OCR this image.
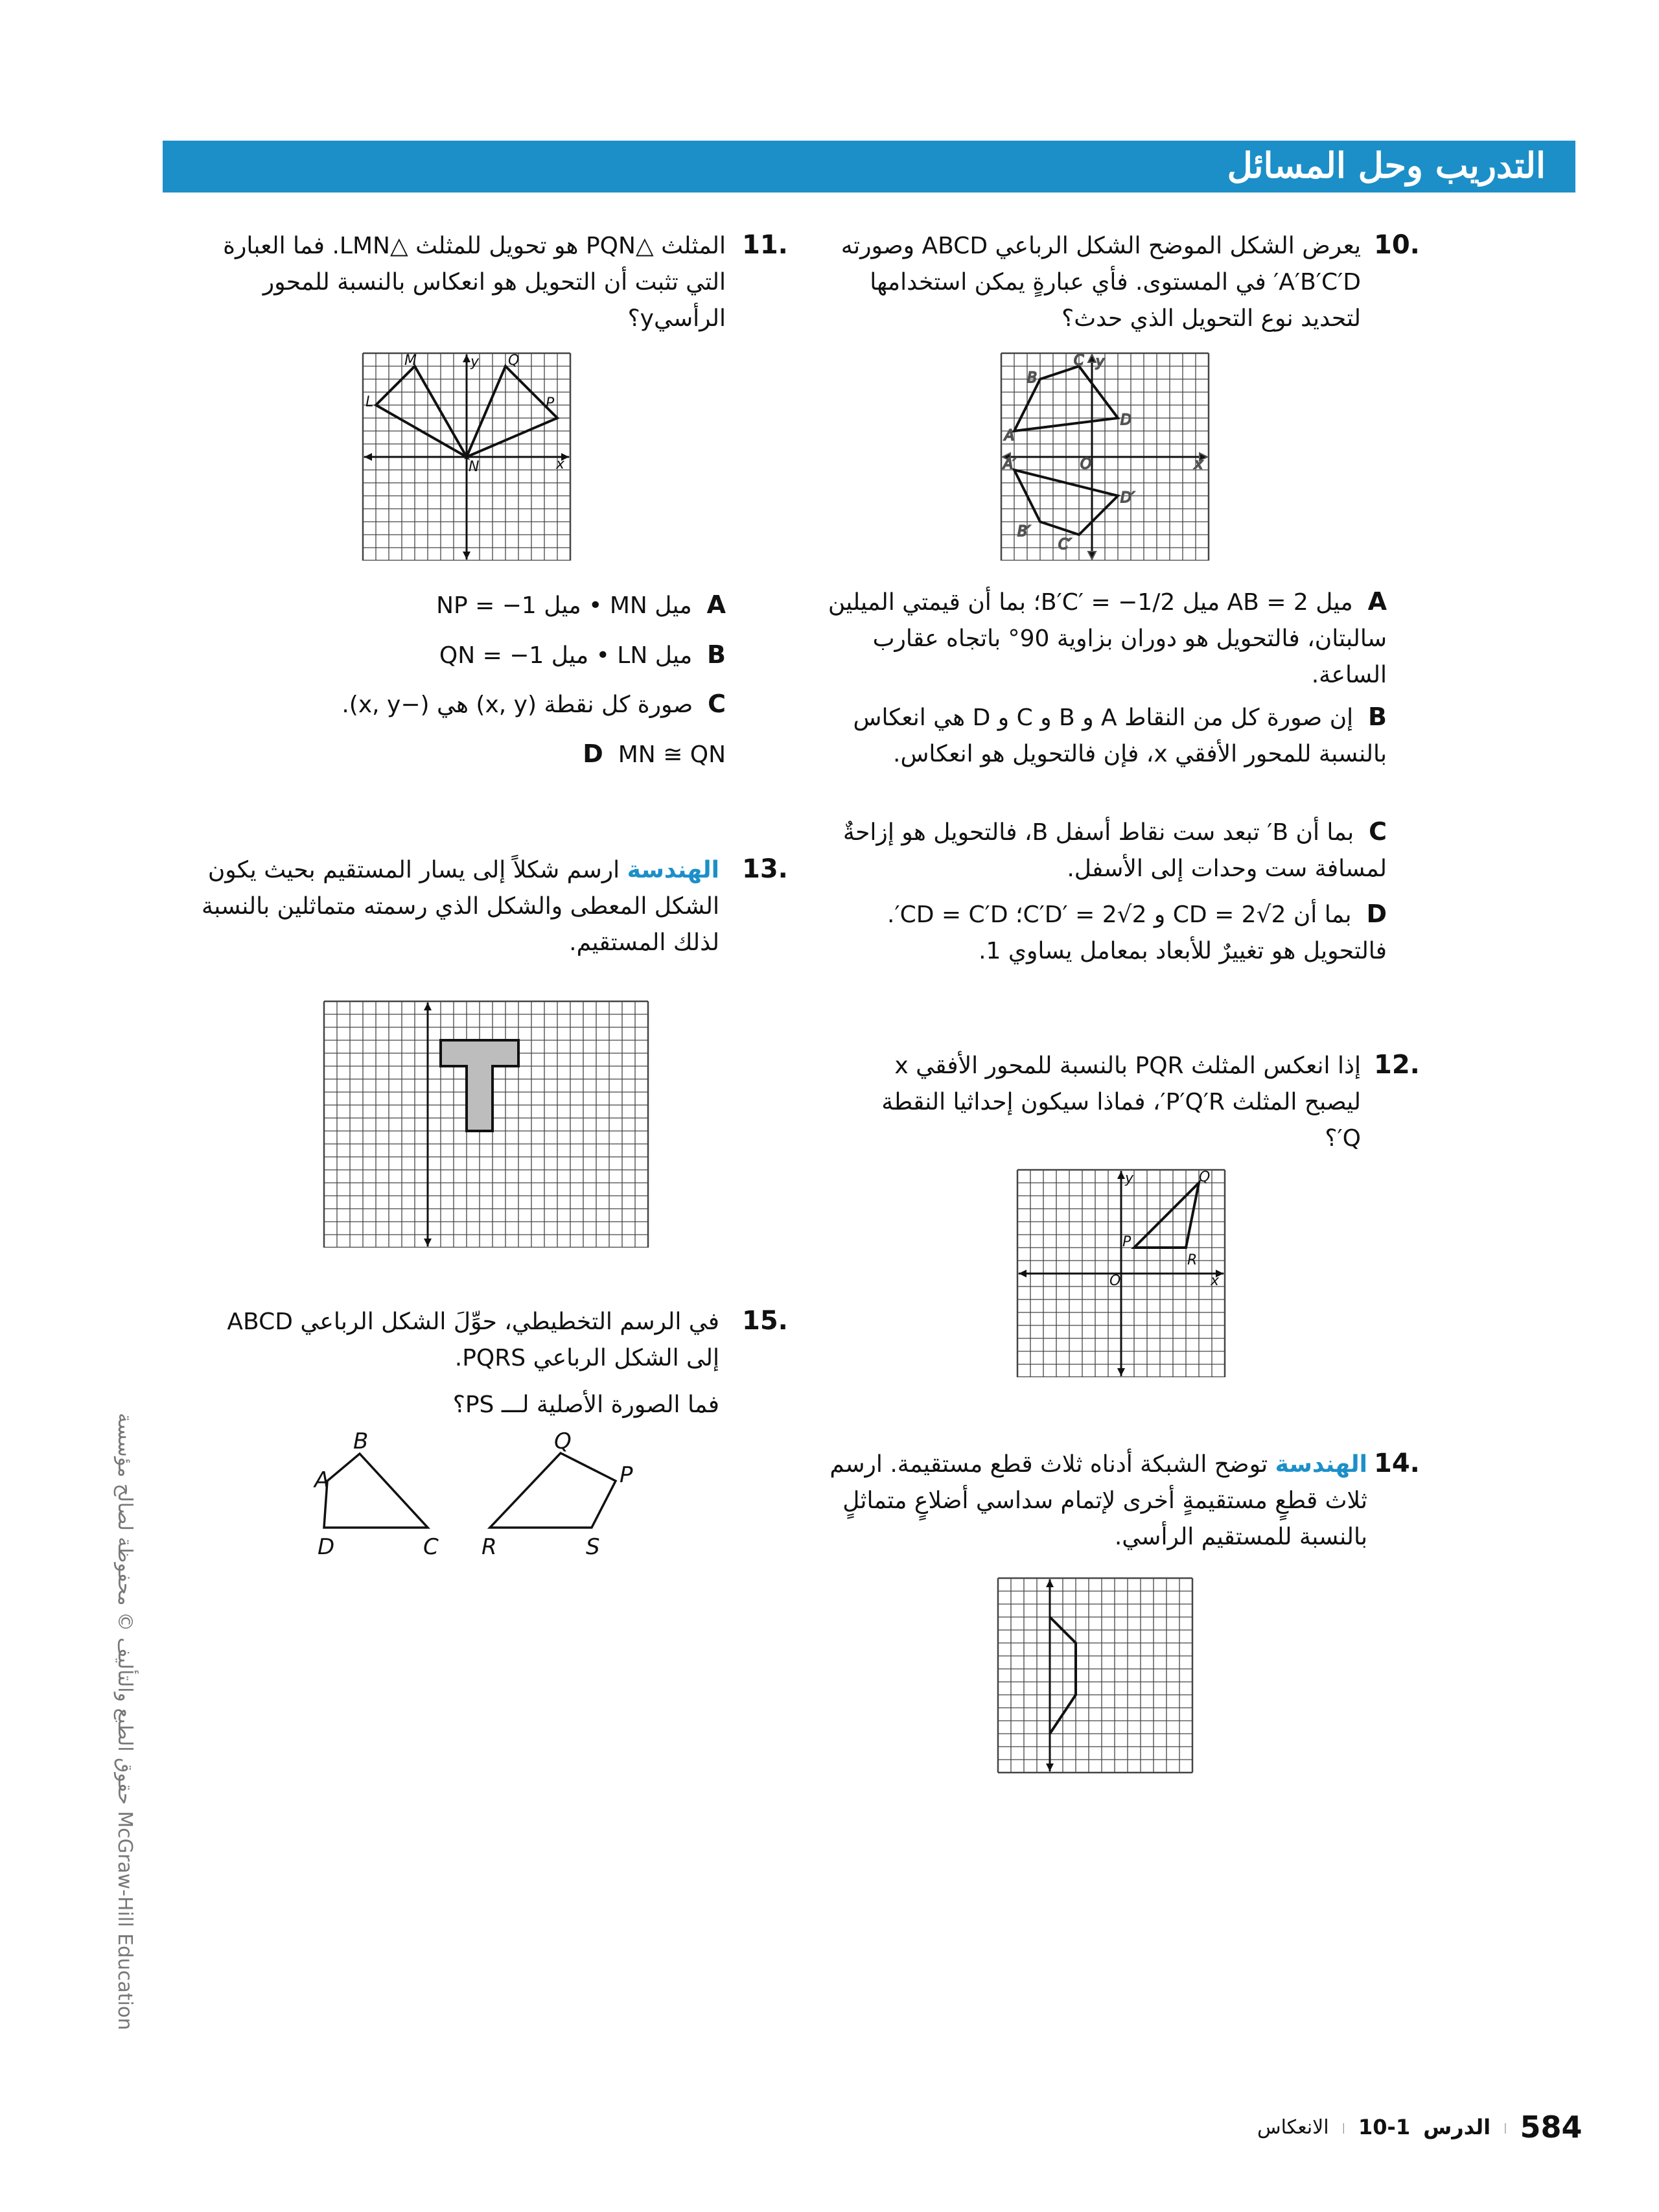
التدريب وحل المسائل
10.
يعرض الشكل الموضح الشكل الرباعي ABCD وصورته A′B′C′D′ في المستوى. فأي عبارةٍ يمكن استخدامها لتحديد نوع التحويل الذي حدث؟
B
C
D
A
A′
B′
C′
D′
y
x
O
A  ميل AB = 2 ميل B′C′ = −1/2؛ بما أن قيمتي الميلين سالبتان، فالتحويل هو دوران بزاوية 90° باتجاه عقارب الساعة.
B  إن صورة كل من النقاط A و B و C و D هي انعكاس بالنسبة للمحور الأفقي x، فإن فالتحويل هو انعكاس.
C  بما أن B′ تبعد ست نقاط أسفل B، فالتحويل هو إزاحةٌ لمسافة ست وحدات إلى الأسفل.
D  بما أن CD = 2√2 و C′D′ = 2√2؛ CD = C′D′. فالتحويل هو تغييرٌ للأبعاد بمعامل يساوي 1.
11.
المثلث △PQN هو تحويل للمثلث △LMN. فما العبارة التي تثبت أن التحويل هو انعكاس بالنسبة للمحور الرأسيy؟
M	Q
L	P
N
y
x
A  ميل MN • ميل NP = −1
B  ميل LN • ميل QN = −1
C  صورة كل نقطة (x, y) هي (−x, y).
D MN ≅ QN
12.
إذا انعكس المثلث PQR بالنسبة للمحور الأفقي x ليصبح المثلث P′Q′R′، فماذا سيكون إحداثيا النقطة Q′؟
Q
P
R
y
x
O
13.
الهندسة ارسم شكلاً إلى يسار المستقيم بحيث يكون الشكل المعطى والشكل الذي رسمته متماثلين بالنسبة لذلك المستقيم.
14.
الهندسة توضح الشبكة أدناه ثلاث قطع مستقيمة. ارسم ثلاث قطعٍ مستقيمةٍ أخرى لإتمام سداسي أضلاعٍ متماثلٍ بالنسبة للمستقيم الرأسي.
15.
في الرسم التخطيطي، حوِّلَ الشكل الرباعي ABCD إلى الشكل الرباعي PQRS.
فما الصورة الأصلية لـــ PS؟
A
B
C
D
P
Q
R	S
McGraw-Hill Education حقوق الطبع والتأليف © محفوظة لصالح مؤسسة
الانعكاس | 10-1 الدرس | 584
